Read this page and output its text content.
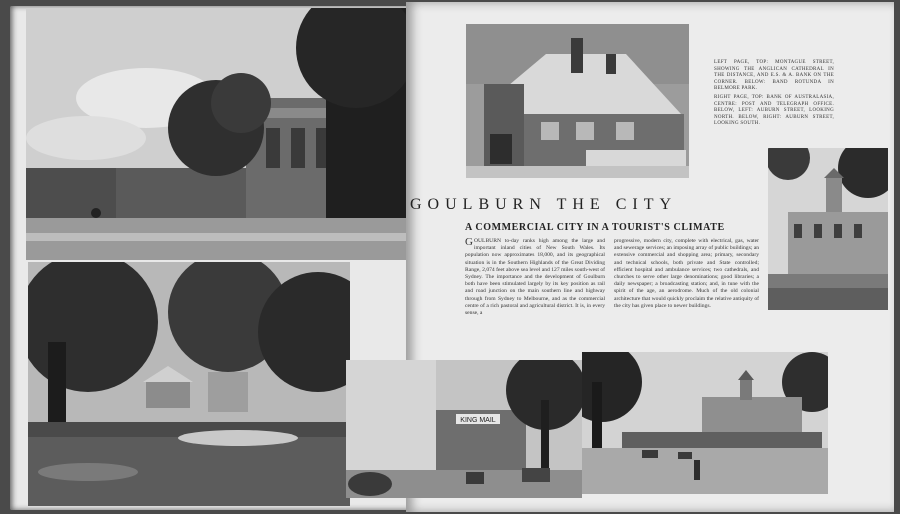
LEFT PAGE, TOP: MONTAGUE STREET, SHOWING THE ANGLICAN CATHEDRAL IN THE DISTANCE, AND E.S. & A. BANK ON THE CORNER. BELOW: BAND ROTUNDA IN BELMORE PARK.
RIGHT PAGE, TOP: BANK OF AUSTRALASIA, CENTRE: POST AND TELEGRAPH OFFICE. BELOW, LEFT: AUBURN STREET, LOOKING NORTH. BELOW, RIGHT: AUBURN STREET, LOOKING SOUTH.
GOULBURN THE CITY
A COMMERCIAL CITY IN A TOURIST'S CLIMATE
GOULBURN to-day ranks high among the large and important inland cities of New South Wales. Its population now approximates 18,000, and its geographical situation is in the Southern Highlands of the Great Dividing Range, 2,074 feet above sea level and 127 miles south-west of Sydney. The importance and the development of Goulburn both have been stimulated largely by its key position as rail and road junction on the main southern line and highway through from Sydney to Melbourne, and as the commercial centre of a rich pastoral and agricultural district. It is, in every sense, a
progressive, modern city, complete with electrical, gas, water and sewerage services; an imposing array of public buildings; an extensive commercial and shopping area; primary, secondary and technical schools, both private and State controlled; efficient hospital and ambulance services; two cathedrals, and churches to serve other large denominations; good libraries; a daily newspaper; a broadcasting station; and, in tune with the spirit of the age, an aerodrome. Much of the old colonial architecture that would quickly proclaim the relative antiquity of the city has given place to newer buildings.
KING MAIL
